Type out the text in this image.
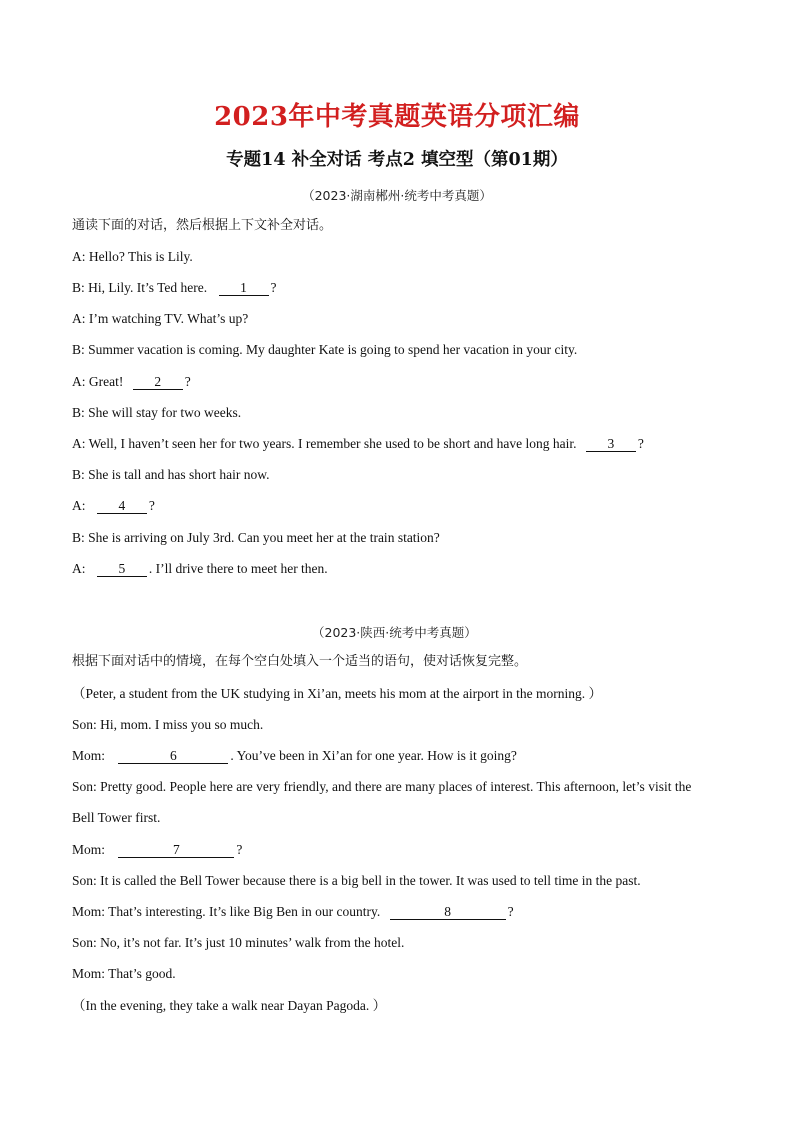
2023年中考真题英语分项汇编
专题14 补全对话 考点2 填空型（第01期）
（2023·湖南郴州·统考中考真题）
通读下面的对话，然后根据上下文补全对话。
A: Hello? This is Lily.
B: Hi, Lily. It’s Ted here. 1 ?
A: I’m watching TV. What’s up?
B: Summer vacation is coming. My daughter Kate is going to spend her vacation in your city.
A: Great! 2 ?
B: She will stay for two weeks.
A: Well, I haven’t seen her for two years. I remember she used to be short and have long hair. 3 ?
B: She is tall and has short hair now.
A: 4 ?
B: She is arriving on July 3rd. Can you meet her at the train station?
A: 5 . I’ll drive there to meet her then.
（2023·陕西·统考中考真题）
根据下面对话中的情境，在每个空白处填入一个适当的语句，使对话恢复完整。
（Peter, a student from the UK studying in Xi’an, meets his mom at the airport in the morning. ）
Son: Hi, mom. I miss you so much.
Mom:	6	. You’ve been in Xi’an for one year. How is it going?
Son: Pretty good. People here are very friendly, and there are many places of interest. This afternoon, let’s visit the
Bell Tower first.
Mom:	7	?
Son: It is called the Bell Tower because there is a big bell in the tower. It was used to tell time in the past.
Mom: That’s interesting. It’s like Big Ben in our country.	8	?
Son: No, it’s not far. It’s just 10 minutes’ walk from the hotel.
Mom: That’s good.
（In the evening, they take a walk near Dayan Pagoda. ）
